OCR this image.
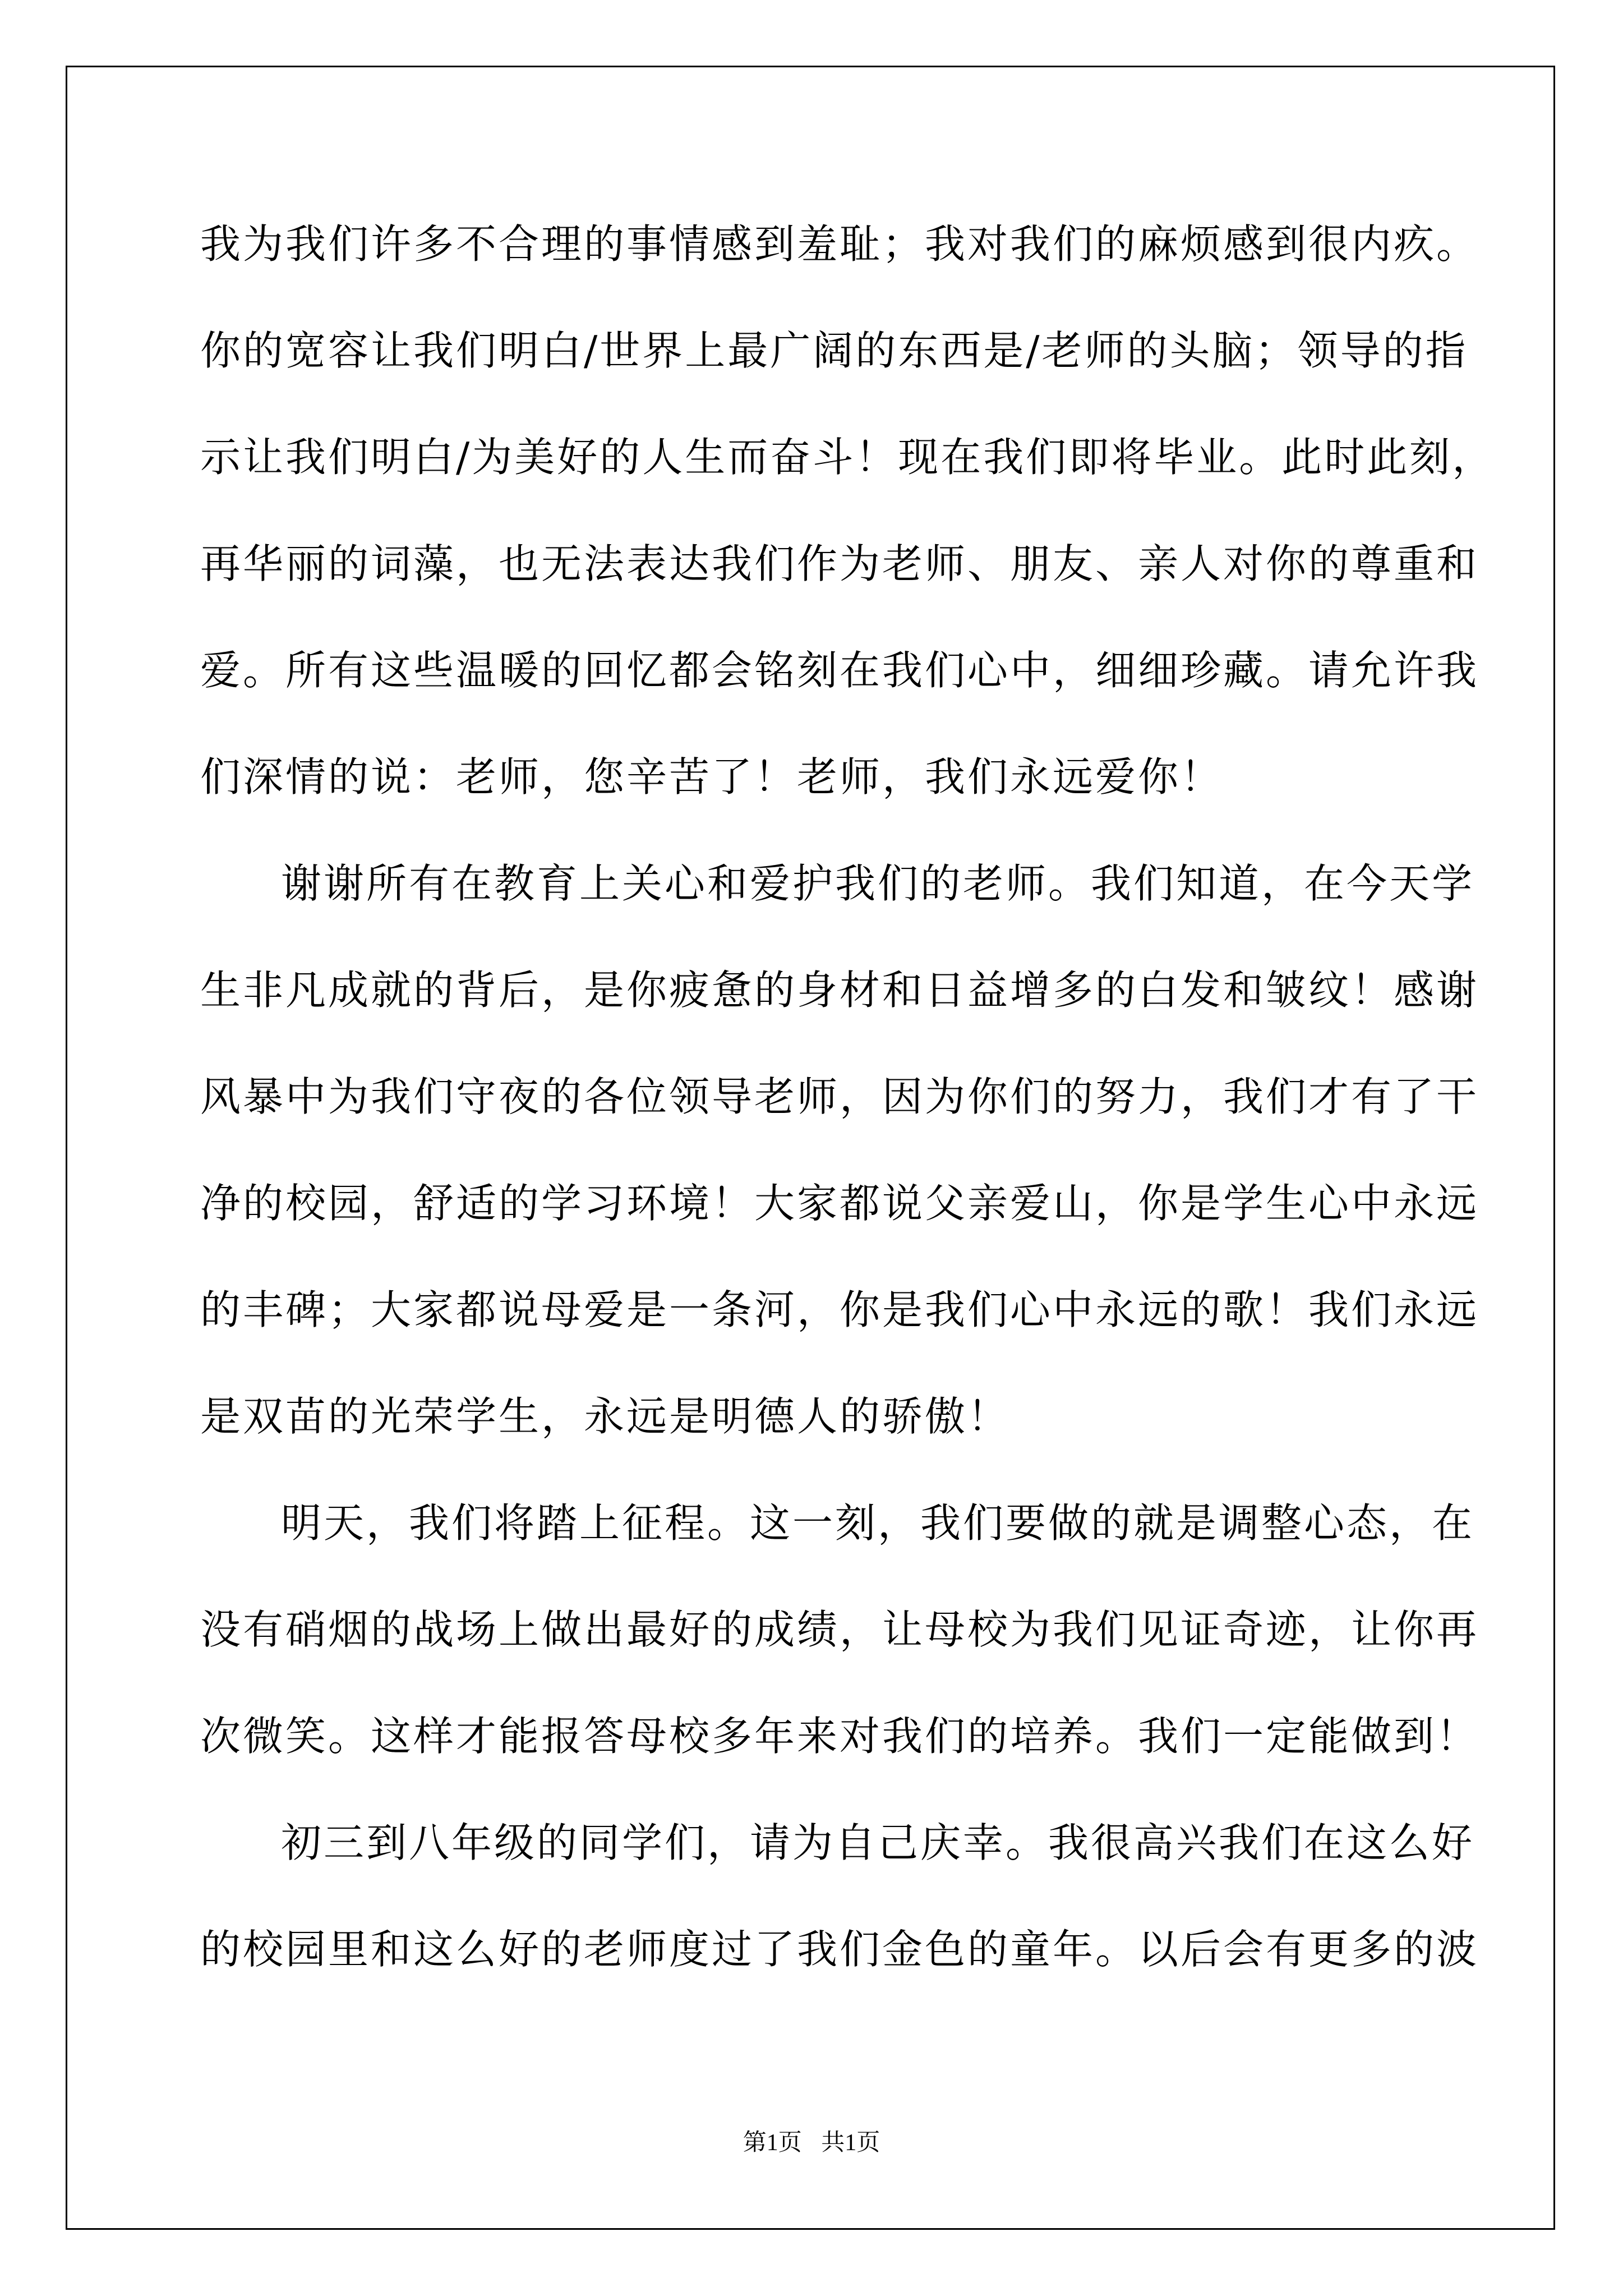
我为我们许多不合理的事情感到羞耻；我对我们的麻烦感到很内疚。
你的宽容让我们明白/世界上最广阔的东西是/老师的头脑；领导的指
示让我们明白/为美好的人生而奋斗！现在我们即将毕业。此时此刻，
再华丽的词藻，也无法表达我们作为老师、朋友、亲人对你的尊重和
爱。所有这些温暖的回忆都会铭刻在我们心中，细细珍藏。请允许我
们深情的说：老师，您辛苦了！老师，我们永远爱你！
谢谢所有在教育上关心和爱护我们的老师。我们知道，在今天学
生非凡成就的背后，是你疲惫的身材和日益增多的白发和皱纹！感谢
风暴中为我们守夜的各位领导老师，因为你们的努力，我们才有了干
净的校园，舒适的学习环境！大家都说父亲爱山，你是学生心中永远
的丰碑；大家都说母爱是一条河，你是我们心中永远的歌！我们永远
是双苗的光荣学生，永远是明德人的骄傲！
明天，我们将踏上征程。这一刻，我们要做的就是调整心态，在
没有硝烟的战场上做出最好的成绩，让母校为我们见证奇迹，让你再
次微笑。这样才能报答母校多年来对我们的培养。我们一定能做到！
初三到八年级的同学们，请为自己庆幸。我很高兴我们在这么好
的校园里和这么好的老师度过了我们金色的童年。以后会有更多的波
第1页 共1页
